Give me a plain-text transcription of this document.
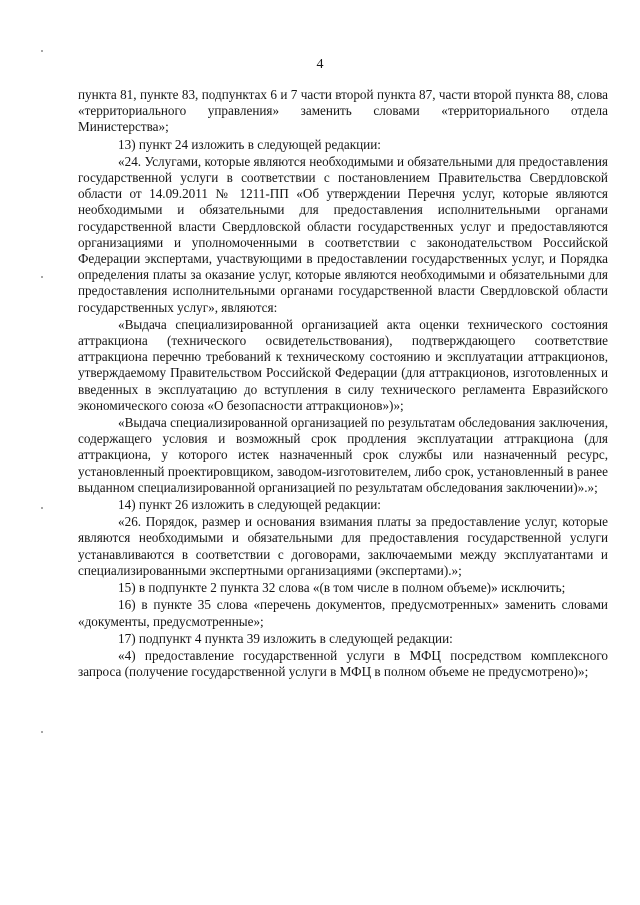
4

пункта 81, пункте 83, подпунктах 6 и 7 части второй пункта 87, части второй пункта 88, слова «территориального управления» заменить словами «территориального отдела Министерства»;

13) пункт 24 изложить в следующей редакции:

«24. Услугами, которые являются необходимыми и обязательными для предоставления государственной услуги в соответствии с постановлением Правительства Свердловской области от 14.09.2011 № 1211-ПП «Об утверждении Перечня услуг, которые являются необходимыми и обязательными для предоставления исполнительными органами государственной власти Свердловской области государственных услуг и предоставляются организациями и уполномоченными в соответствии с законодательством Российской Федерации экспертами, участвующими в предоставлении государственных услуг, и Порядка определения платы за оказание услуг, которые являются необходимыми и обязательными для предоставления исполнительными органами государственной власти Свердловской области государственных услуг», являются:

«Выдача специализированной организацией акта оценки технического состояния аттракциона (технического освидетельствования), подтверждающего соответствие аттракциона перечню требований к техническому состоянию и эксплуатации аттракционов, утверждаемому Правительством Российской Федерации (для аттракционов, изготовленных и введенных в эксплуатацию до вступления в силу технического регламента Евразийского экономического союза «О безопасности аттракционов»)»;

«Выдача специализированной организацией по результатам обследования заключения, содержащего условия и возможный срок продления эксплуатации аттракциона (для аттракциона, у которого истек назначенный срок службы или назначенный ресурс, установленный проектировщиком, заводом-изготовителем, либо срок, установленный в ранее выданном специализированной организацией по результатам обследования заключении)».»;

14) пункт 26 изложить в следующей редакции:

«26. Порядок, размер и основания взимания платы за предоставление услуг, которые являются необходимыми и обязательными для предоставления государственной услуги устанавливаются в соответствии с договорами, заключаемыми между эксплуатантами и специализированными экспертными организациями (экспертами).»;

15) в подпункте 2 пункта 32 слова «(в том числе в полном объеме)» исключить;

16) в пункте 35 слова «перечень документов, предусмотренных» заменить словами «документы, предусмотренные»;

17) подпункт 4 пункта 39 изложить в следующей редакции:

«4) предоставление государственной услуги в МФЦ посредством комплексного запроса (получение государственной услуги в МФЦ в полном объеме не предусмотрено)»;
